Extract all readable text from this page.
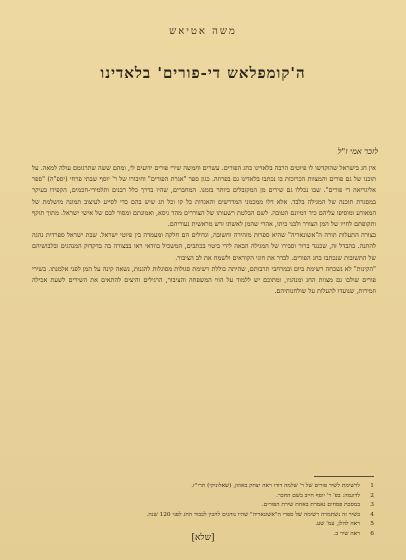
משה אטיאש
ה'קומפלאש די-פורים' בלאדינו
לזכר אמי ז"ל

אין חג בישראל שהוקדשו לו פיוטים הרבה בלאדינו כחג הפורים. עשרים וחמשה שירי פורים ידועים לי, ומהם ששה שתרגומם עולה למאה. על תוכנו של גם פורים והמצוות הכרוכות בו נכתבו בלאדינו גם בפרוזה. כגון ספר "אגרת הפורים" וחיבורו של ר' יוסף שבתי פרחי (יספ"ה) "ספר אליגריאה די פורים". שבו נכללו גם שירים מן המקובלים ביותר בזמנו. המחברים, שהיו בדרך כלל רבנים ותלמידי-חכמים, הקפידו בעיקר במסגרת תוכנה של המגילה בלבד. אלא דלו ממכמני המדרשים והאגדות כל קו וכל תג שיש בהם כדי לסייע לעיצוב תמונה מושלמת של המאורע ומוסיפו עליהם כיד דמיונם הטובה. לשם הבלטת רשעותו של הצוררים מהד גיסא, ואמונתם ומסור לבם של אישי ישראל. מתוך תוקף ותקופתם לחייו של המן הצורר ולבני ביתו, אהרי שהמן לאשתו זרש מראשית נעוריהם.

בצורה התעלות תורה ה"אשונאריה" שהיא ספרות מזהירה וחשובה, וגדולים הם חלקה ומעמדה בין פיוטי ישראל. שבת ישראל ספרדית נהגה להתנה. בהבדל זה, שכנגד ברור וסבירו של המגילה הבאה לידי ביטוי בכתבים, המשכיל בוודאי ראו בבצורה בה בדקדוק המנהגים ובלבושיהם של התשובות שנכתבו בחג הפורים. לבדר את חוגי הקוראים ולשמח את לב הציבור.

"הקינות" לא נשכחה רשימת ביום ובמרחבי תרבותם, שהיתה כוללת רשימת סגולות מסוגלות להגנות, נשאה קינה על המן לפני אלמנתו. בשירי פורים שולבו גם מצוות החג ומנהגיו, ומתוכם יש ללמוד על הווי המשפחה והציבור, הרגילים והיצים להתאים את השירים לשעת אכילה וזמירות, שנועדו להעלות על שולחנותיהם.

1
לרשימת לשיר פורים של ר' שלמה דודו ראה יצחק באוזון, (שאלוניקי) תרי"ז.
2
לדוגמה: בפ' ר' יוסף חייב בשם החבר.
3
במסכת פסחים נאמרת באחת שירת הפורים.
4
בשיר זה נשתמרה רשימה של ספרי ה"אשונאריה" שהיו נוהגים להכין לכבוד החג לפני 120 שנה.
5
ראה להלן, עמ' שע.
6
ראה שיר ב.
[שלא]
